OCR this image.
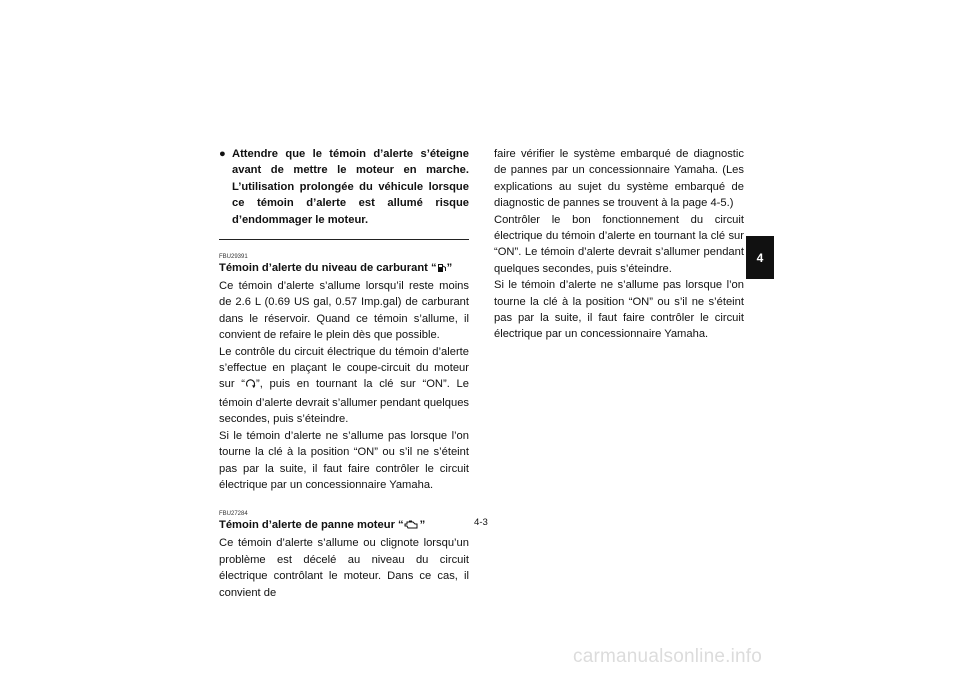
● Attendre que le témoin d’alerte s’éteigne avant de mettre le moteur en marche. L’utilisation prolongée du véhicule lorsque ce témoin d’alerte est allumé risque d’endommager le moteur.
FBU29391
Témoin d’alerte du niveau de carburant “ ”

Ce témoin d’alerte s’allume lorsqu’il reste moins de 2.6 L (0.69 US gal, 0.57 Imp.gal) de carburant dans le réservoir. Quand ce témoin s’allume, il convient de refaire le plein dès que possible.

Le contrôle du circuit électrique du témoin d’alerte s’effectue en plaçant le coupe-circuit du moteur sur “ ”, puis en tournant la clé sur “ON”. Le témoin d’alerte devrait s’allumer pendant quelques secondes, puis s’éteindre.

Si le témoin d’alerte ne s’allume pas lorsque l’on tourne la clé à la position “ON” ou s’il ne s’éteint pas par la suite, il faut faire contrôler le circuit électrique par un concessionnaire Yamaha.

FBU27284
Témoin d’alerte de panne moteur “ ”

Ce témoin d’alerte s’allume ou clignote lorsqu’un problème est décelé au niveau du circuit électrique contrôlant le moteur. Dans ce cas, il convient de

faire vérifier le système embarqué de diagnostic de pannes par un concessionnaire Yamaha. (Les explications au sujet du système embarqué de diagnostic de pannes se trouvent à la page 4-5.)

Contrôler le bon fonctionnement du circuit électrique du témoin d’alerte en tournant la clé sur “ON”. Le témoin d’alerte devrait s’allumer pendant quelques secondes, puis s’éteindre.

Si le témoin d’alerte ne s’allume pas lorsque l’on tourne la clé à la position “ON” ou s’il ne s’éteint pas par la suite, il faut faire contrôler le circuit électrique par un concessionnaire Yamaha.

4-3
4
carmanualsonline.info
